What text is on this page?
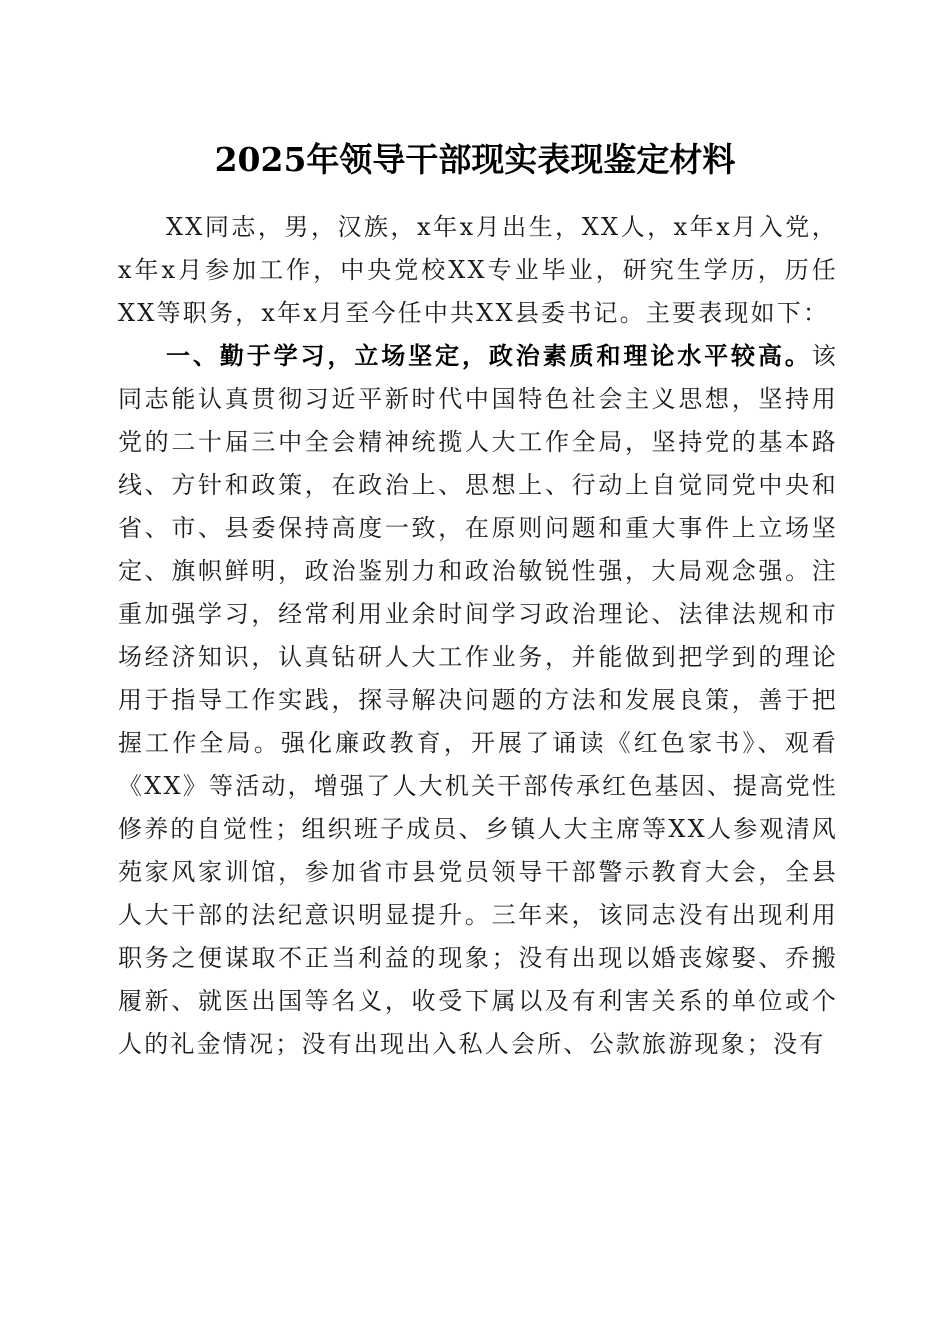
2025年领导干部现实表现鉴定材料

XX同志，男，汉族，x年x月出生，XX人，x年x月入党，x年x月参加工作，中央党校XX专业毕业，研究生学历，历任XX等职务，x年x月至今任中共XX县委书记。主要表现如下：

一、勤于学习，立场坚定，政治素质和理论水平较高。该同志能认真贯彻习近平新时代中国特色社会主义思想，坚持用党的二十届三中全会精神统揽人大工作全局，坚持党的基本路线、方针和政策，在政治上、思想上、行动上自觉同党中央和省、市、县委保持高度一致，在原则问题和重大事件上立场坚定、旗帜鲜明，政治鉴别力和政治敏锐性强，大局观念强。注重加强学习，经常利用业余时间学习政治理论、法律法规和市场经济知识，认真钻研人大工作业务，并能做到把学到的理论用于指导工作实践，探寻解决问题的方法和发展良策，善于把握工作全局。强化廉政教育，开展了诵读《红色家书》、观看《XX》等活动，增强了人大机关干部传承红色基因、提高党性修养的自觉性；组织班子成员、乡镇人大主席等XX人参观清风苑家风家训馆，参加省市县党员领导干部警示教育大会，全县人大干部的法纪意识明显提升。三年来，该同志没有出现利用职务之便谋取不正当利益的现象；没有出现以婚丧嫁娶、乔搬履新、就医出国等名义，收受下属以及有利害关系的单位或个人的礼金情况；没有出现出入私人会所、公款旅游现象；没有
